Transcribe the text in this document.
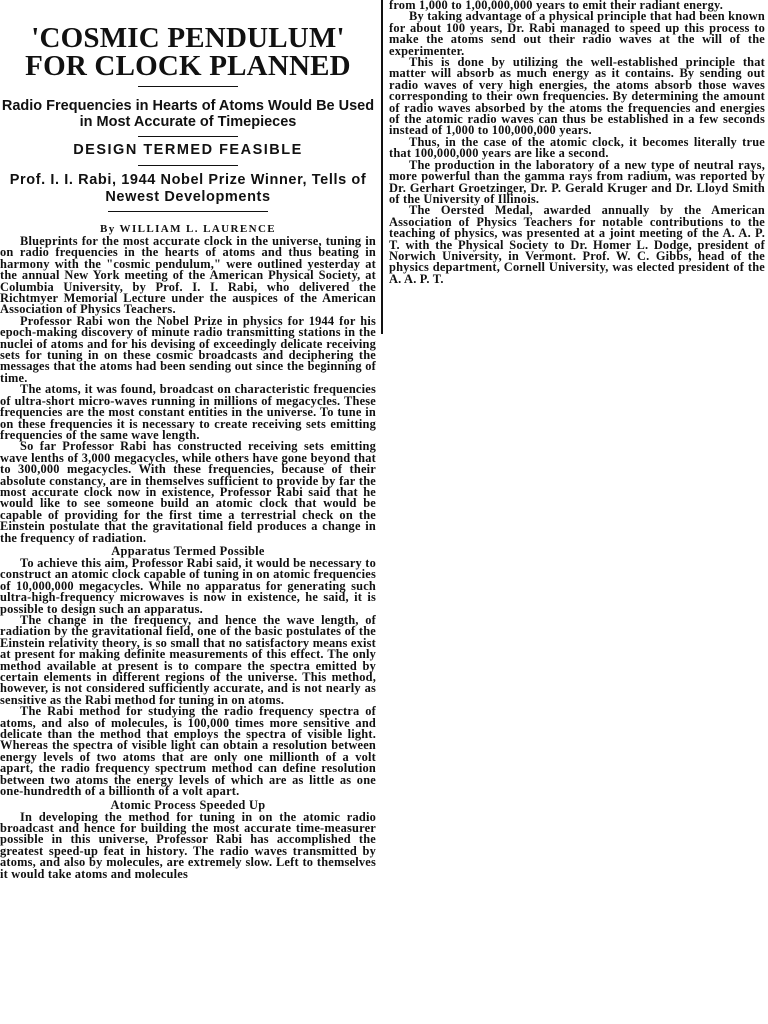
'COSMIC PENDULUM' FOR CLOCK PLANNED
Radio Frequencies in Hearts of Atoms Would Be Used in Most Accurate of Timepieces
DESIGN TERMED FEASIBLE
Prof. I. I. Rabi, 1944 Nobel Prize Winner, Tells of Newest Developments
By WILLIAM L. LAURENCE

Blueprints for the most accurate clock in the universe, tuning in on radio frequencies in the hearts of atoms and thus beating in harmony with the "cosmic pendulum," were outlined yesterday at the annual New York meeting of the American Physical Society, at Columbia University, by Prof. I. I. Rabi, who delivered the Richtmyer Memorial Lecture under the auspices of the American Association of Physics Teachers.

Professor Rabi won the Nobel Prize in physics for 1944 for his epoch-making discovery of minute radio transmitting stations in the nuclei of atoms and for his devising of exceedingly delicate receiving sets for tuning in on these cosmic broadcasts and deciphering the messages that the atoms had been sending out since the beginning of time.

The atoms, it was found, broadcast on characteristic frequencies of ultra-short micro-waves running in millions of megacycles. These frequencies are the most constant entities in the universe. To tune in on these frequencies it is necessary to create receiving sets emitting frequencies of the same wave length.

So far Professor Rabi has constructed receiving sets emitting wave lenths of 3,000 megacycles, while others have gone beyond that to 300,000 megacycles. With these frequencies, because of their absolute constancy, are in themselves sufficient to provide by far the most accurate clock now in existence, Professor Rabi said that he would like to see someone build an atomic clock that would be capable of providing for the first time a terrestrial check on the Einstein postulate that the gravitational field produces a change in the frequency of radiation.

Apparatus Termed Possible

To achieve this aim, Professor Rabi said, it would be necessary to construct an atomic clock capable of tuning in on atomic frequencies of 10,000,000 megacycles. While no apparatus for generating such ultra-high-frequency microwaves is now in existence, he said, it is possible to design such an apparatus.

The change in the frequency, and hence the wave length, of radiation by the gravitational field, one of the basic postulates of the Einstein relativity theory, is so small that no satisfactory means exist at present for making definite measurements of this effect. The only method available at present is to compare the spectra emitted by certain elements in different regions of the universe. This method, however, is not considered sufficiently accurate, and is not nearly as sensitive as the Rabi method for tuning in on atoms.

The Rabi method for studying the radio frequency spectra of atoms, and also of molecules, is 100,000 times more sensitive and delicate than the method that employs the spectra of visible light. Whereas the spectra of visible light can obtain a resolution between energy levels of two atoms that are only one millionth of a volt apart, the radio frequency spectrum method can define resolution between two atoms the energy levels of which are as little as one one-hundredth of a billionth of a volt apart.

Atomic Process Speeded Up

In developing the method for tuning in on the atomic radio broadcast and hence for building the most accurate time-measurer possible in this universe, Professor Rabi has accomplished the greatest speed-up feat in history. The radio waves transmitted by atoms, and also by molecules, are extremely slow. Left to themselves it would take atoms and molecules

from 1,000 to 1,00,000,000 years to emit their radiant energy.

By taking advantage of a physical principle that had been known for about 100 years, Dr. Rabi managed to speed up this process to make the atoms send out their radio waves at the will of the experimenter.

This is done by utilizing the well-established principle that matter will absorb as much energy as it contains. By sending out radio waves of very high energies, the atoms absorb those waves corresponding to their own frequencies. By determining the amount of radio waves absorbed by the atoms the frequencies and energies of the atomic radio waves can thus be established in a few seconds instead of 1,000 to 100,000,000 years.

Thus, in the case of the atomic clock, it becomes literally true that 100,000,000 years are like a second.

The production in the laboratory of a new type of neutral rays, more powerful than the gamma rays from radium, was reported by Dr. Gerhart Groetzinger, Dr. P. Gerald Kruger and Dr. Lloyd Smith of the University of Illinois.

The Oersted Medal, awarded annually by the American Association of Physics Teachers for notable contributions to the teaching of physics, was presented at a joint meeting of the A. A. P. T. with the Physical Society to Dr. Homer L. Dodge, president of Norwich University, in Vermont. Prof. W. C. Gibbs, head of the physics department, Cornell University, was elected president of the A. A. P. T.
